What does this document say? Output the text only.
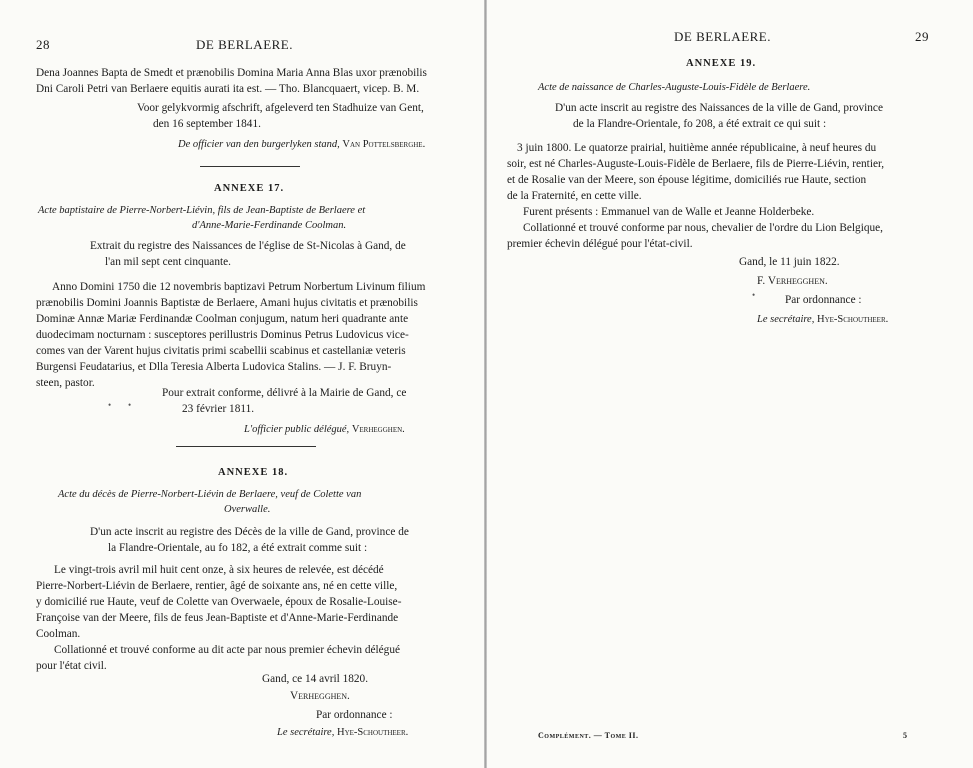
28	DE BERLAERE.

Dena Joannes Bapta de Smedt et prænobilis Domina Maria Anna Blas uxor prænobilis

Dni Caroli Petri van Berlaere equitis aurati ita est. — Tho. Blancquaert, vicep. B. M.

Voor gelykvormig afschrift, afgeleverd ten Stadhuize van Gent,

den 16 september 1841.

De officier van den burgerlyken stand, Van Pottelsberghe.

ANNEXE 17.

Acte baptistaire de Pierre-Norbert-Liévin, fils de Jean-Baptiste de Berlaere et

d'Anne-Marie-Ferdinande Coolman.

Extrait du registre des Naissances de l'église de St-Nicolas à Gand, de

l'an mil sept cent cinquante.

Anno Domini 1750 die 12 novembris baptizavi Petrum Norbertum Livinum filium

prænobilis Domini Joannis Baptistæ de Berlaere, Amani hujus civitatis et prænobilis

Dominæ Annæ Mariæ Ferdinandæ Coolman conjugum, natum heri quadrante ante

duodecimam nocturnam : susceptores perillustris Dominus Petrus Ludovicus vice-

comes van der Varent hujus civitatis primi scabellii scabinus et castellaniæ veteris

Burgensi Feudatarius, et Dlla Teresia Alberta Ludovica Stalins. — J. F. Bruyn-

steen, pastor.

Pour extrait conforme, délivré à la Mairie de Gand, ce

23 février 1811.

L'officier public délégué, Verhegghen.

• •
ANNEXE 18.

Acte du décès de Pierre-Norbert-Liévin de Berlaere, veuf de Colette van

Overwalle.

D'un acte inscrit au registre des Décès de la ville de Gand, province de

la Flandre-Orientale, au fo 182, a été extrait comme suit :

Le vingt-trois avril mil huit cent onze, à six heures de relevée, est décédé

Pierre-Norbert-Liévin de Berlaere, rentier, âgé de soixante ans, né en cette ville,

y domicilié rue Haute, veuf de Colette van Overwaele, époux de Rosalie-Louise-

Françoise van der Meere, fils de feus Jean-Baptiste et d'Anne-Marie-Ferdinande

Coolman.

Collationné et trouvé conforme au dit acte par nous premier échevin délégué

pour l'état civil.

Gand, ce 14 avril 1820.

Verhegghen.

Par ordonnance :

Le secrétaire, Hye-Schoutheer.

DE BERLAERE.	29
ANNEXE 19.

Acte de naissance de Charles-Auguste-Louis-Fidèle de Berlaere.

D'un acte inscrit au registre des Naissances de la ville de Gand, province

de la Flandre-Orientale, fo 208, a été extrait ce qui suit :

3 juin 1800. Le quatorze prairial, huitième année républicaine, à neuf heures du

soir, est né Charles-Auguste-Louis-Fidèle de Berlaere, fils de Pierre-Liévin, rentier,

et de Rosalie van der Meere, son épouse légitime, domiciliés rue Haute, section

de la Fraternité, en cette ville.

Furent présents : Emmanuel van de Walle et Jeanne Holderbeke.

Collationné et trouvé conforme par nous, chevalier de l'ordre du Lion Belgique,

premier échevin délégué pour l'état-civil.

Gand, le 11 juin 1822.

F. Verhegghen.

Par ordonnance :

Le secrétaire, Hye-Schoutheer.

•
Complément. — Tome II.	5
